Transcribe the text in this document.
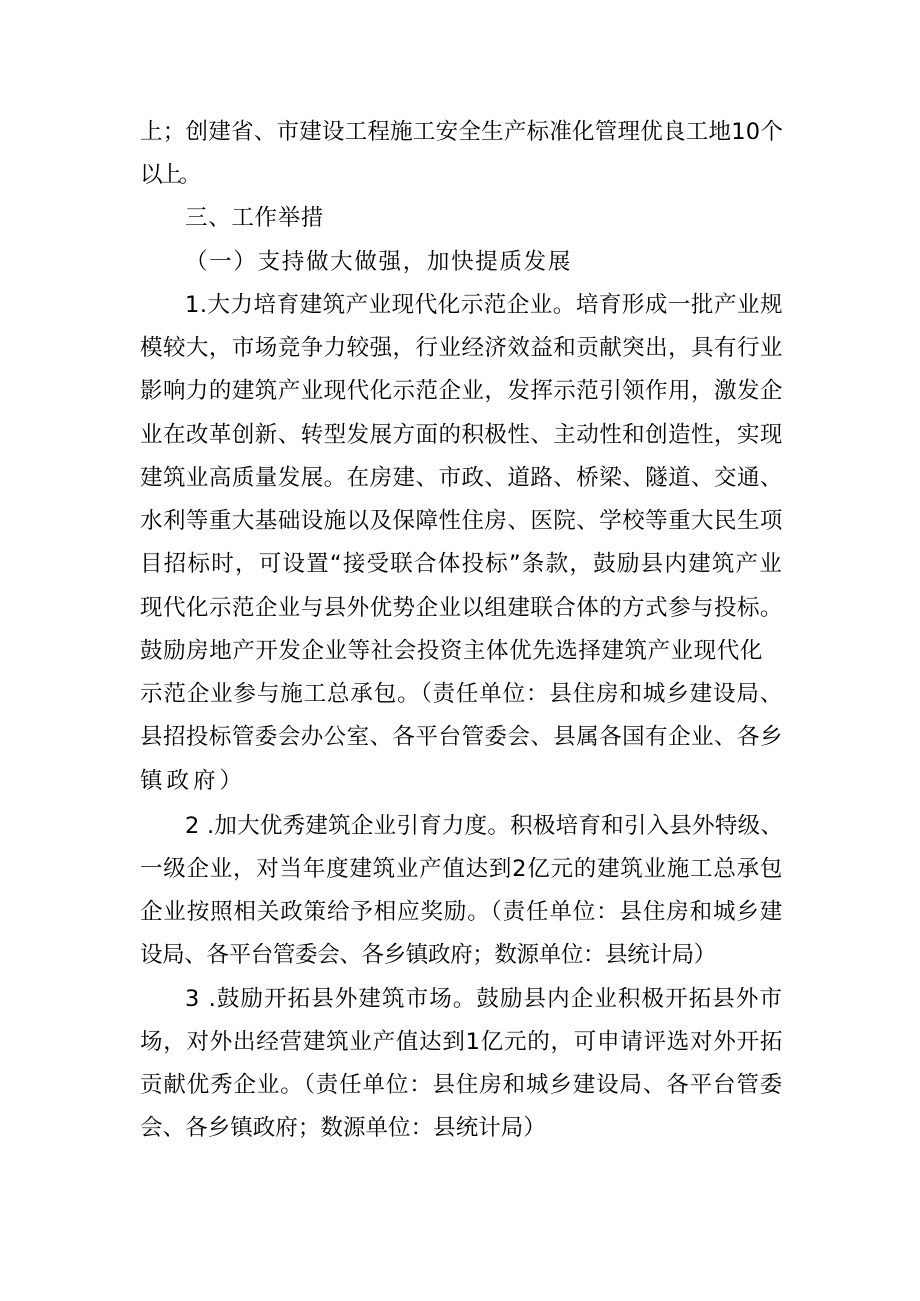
上；创建省、市建设工程施工安全生产标准化管理优良工地10个
以上。
三、工作举措
（一）支持做大做强，加快提质发展
1.大力培育建筑产业现代化示范企业。培育形成一批产业规
模较大，市场竞争力较强，行业经济效益和贡献突出，具有行业
影响力的建筑产业现代化示范企业，发挥示范引领作用，激发企
业在改革创新、转型发展方面的积极性、主动性和创造性，实现
建筑业高质量发展。在房建、市政、道路、桥梁、隧道、交通、
水利等重大基础设施以及保障性住房、医院、学校等重大民生项
目招标时，可设置“接受联合体投标”条款，鼓励县内建筑产业
现代化示范企业与县外优势企业以组建联合体的方式参与投标。
鼓励房地产开发企业等社会投资主体优先选择建筑产业现代化
示范企业参与施工总承包。（责任单位：县住房和城乡建设局、
县招投标管委会办公室、各平台管委会、县属各国有企业、各乡
镇政府）
2 .加大优秀建筑企业引育力度。积极培育和引入县外特级、
一级企业，对当年度建筑业产值达到2亿元的建筑业施工总承包
企业按照相关政策给予相应奖励。（责任单位：县住房和城乡建
设局、各平台管委会、各乡镇政府；数源单位：县统计局）
3 .鼓励开拓县外建筑市场。鼓励县内企业积极开拓县外市
场，对外出经营建筑业产值达到1亿元的，可申请评选对外开拓
贡献优秀企业。（责任单位：县住房和城乡建设局、各平台管委
会、各乡镇政府；数源单位：县统计局）
